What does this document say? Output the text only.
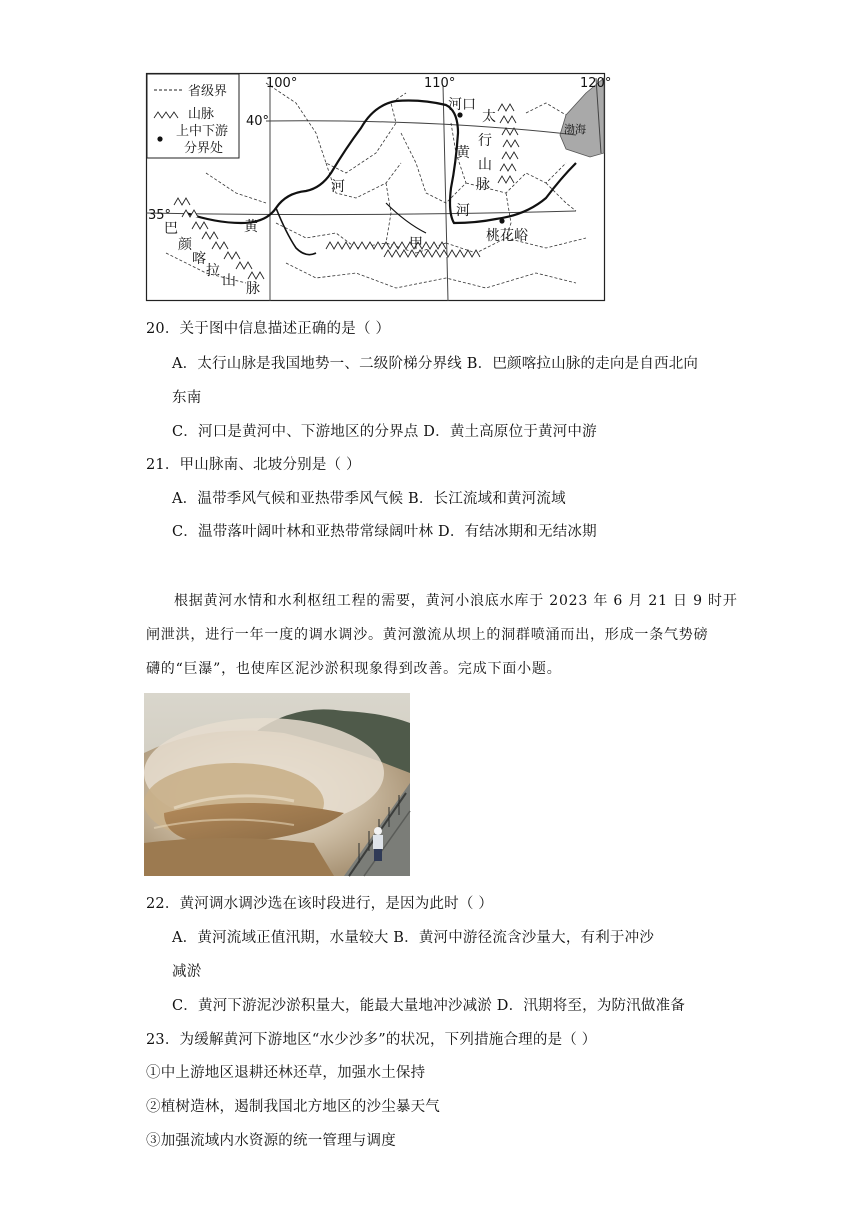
省级界
山脉
上中下游
分界处
100°	110°	120°
40°
35°
河口
桃花峪
渤海
甲
河
黄
黄
河
太
行
山
脉
巴
颜
喀
拉
山 脉
20．关于图中信息描述正确的是（ ）
A．太行山脉是我国地势一、二级阶梯分界线 B．巴颜喀拉山脉的走向是自西北向
东南
C．河口是黄河中、下游地区的分界点 D．黄土高原位于黄河中游
21．甲山脉南、北坡分别是（ ）
A．温带季风气候和亚热带季风气候 B．长江流域和黄河流域
C．温带落叶阔叶林和亚热带常绿阔叶林 D．有结冰期和无结冰期
根据黄河水情和水利枢纽工程的需要，黄河小浪底水库于 2023 年 6 月 21 日 9 时开
闸泄洪，进行一年一度的调水调沙。黄河激流从坝上的洞群喷涌而出，形成一条气势磅
礴的“巨瀑”，也使库区泥沙淤积现象得到改善。完成下面小题。
22．黄河调水调沙选在该时段进行，是因为此时（ ）
A．黄河流域正值汛期，水量较大 B．黄河中游径流含沙量大，有利于冲沙
减淤
C．黄河下游泥沙淤积量大，能最大量地冲沙减淤 D．汛期将至，为防汛做准备
23．为缓解黄河下游地区“水少沙多”的状况，下列措施合理的是（ ）
①中上游地区退耕还林还草，加强水土保持
②植树造林，遏制我国北方地区的沙尘暴天气
③加强流域内水资源的统一管理与调度
